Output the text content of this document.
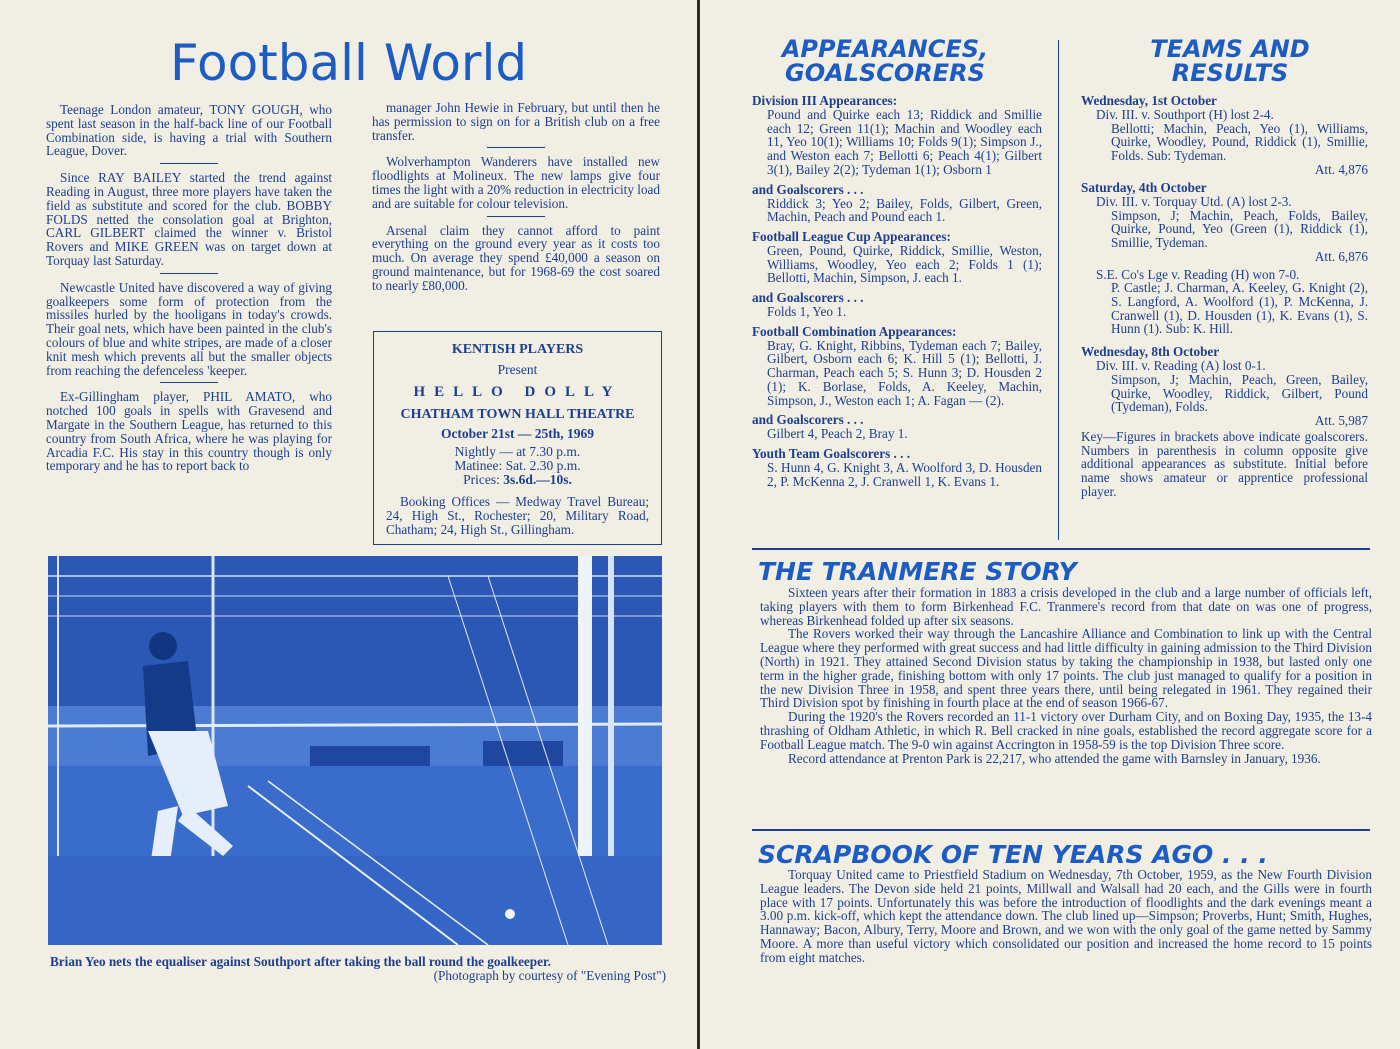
Football World

Teenage London amateur, TONY GOUGH, who spent last season in the half-back line of our Football Combination side, is having a trial with Southern League, Dover.

Since RAY BAILEY started the trend against Reading in August, three more players have taken the field as substitute and scored for the club. BOBBY FOLDS netted the consolation goal at Brighton, CARL GILBERT claimed the winner v. Bristol Rovers and MIKE GREEN was on target down at Torquay last Saturday.

Newcastle United have discovered a way of giving goalkeepers some form of protection from the missiles hurled by the hooligans in today's crowds. Their goal nets, which have been painted in the club's colours of blue and white stripes, are made of a closer knit mesh which prevents all but the smaller objects from reaching the defenceless 'keeper.

Ex-Gillingham player, PHIL AMATO, who notched 100 goals in spells with Gravesend and Margate in the Southern League, has returned to this country from South Africa, where he was playing for Arcadia F.C. His stay in this country though is only temporary and he has to report back to

manager John Hewie in February, but until then he has permission to sign on for a British club on a free transfer.

Wolverhampton Wanderers have installed new floodlights at Molineux. The new lamps give four times the light with a 20% reduction in electricity load and are suitable for colour television.

Arsenal claim they cannot afford to paint everything on the ground every year as it costs too much. On average they spend £40,000 a season on ground maintenance, but for 1968-69 the cost soared to nearly £80,000.

KENTISH PLAYERS
Present
HELLO DOLLY
CHATHAM TOWN HALL THEATRE
October 21st — 25th, 1969
Nightly — at 7.30 p.m.
Matinee: Sat. 2.30 p.m.
Prices: 3s.6d.—10s.

Booking Offices — Medway Travel Bureau; 24, High St., Rochester; 20, Military Road, Chatham; 24, High St., Gillingham.

Brian Yeo nets the equaliser against Southport after taking the ball round the goalkeeper.
(Photograph by courtesy of "Evening Post")
APPEARANCES,
GOALSCORERS

Division III Appearances:

Pound and Quirke each 13; Riddick and Smillie each 12; Green 11(1); Machin and Woodley each 11, Yeo 10(1); Williams 10; Folds 9(1); Simpson J., and Weston each 7; Bellotti 6; Peach 4(1); Gilbert 3(1), Bailey 2(2); Tydeman 1(1); Osborn 1

and Goalscorers . . .

Riddick 3; Yeo 2; Bailey, Folds, Gilbert, Green, Machin, Peach and Pound each 1.

Football League Cup Appearances:

Green, Pound, Quirke, Riddick, Smillie, Weston, Williams, Woodley, Yeo each 2; Folds 1 (1); Bellotti, Machin, Simpson, J. each 1.

and Goalscorers . . .

Folds 1, Yeo 1.

Football Combination Appearances:

Bray, G. Knight, Ribbins, Tydeman each 7; Bailey, Gilbert, Osborn each 6; K. Hill 5 (1); Bellotti, J. Charman, Peach each 5; S. Hunn 3; D. Housden 2 (1); K. Borlase, Folds, A. Keeley, Machin, Simpson, J., Weston each 1; A. Fagan — (2).

and Goalscorers . . .

Gilbert 4, Peach 2, Bray 1.

Youth Team Goalscorers . . .

S. Hunn 4, G. Knight 3, A. Woolford 3, D. Housden 2, P. McKenna 2, J. Cranwell 1, K. Evans 1.

TEAMS AND
RESULTS

Wednesday, 1st October

Div. III. v. Southport (H) lost 2-4.

Bellotti; Machin, Peach, Yeo (1), Williams, Quirke, Woodley, Pound, Riddick (1), Smillie, Folds. Sub: Tydeman.

Att. 4,876

Saturday, 4th October

Div. III. v. Torquay Utd. (A) lost 2-3.

Simpson, J; Machin, Peach, Folds, Bailey, Quirke, Pound, Yeo (Green (1), Riddick (1), Smillie, Tydeman.

Att. 6,876

S.E. Co's Lge v. Reading (H) won 7-0.

P. Castle; J. Charman, A. Keeley, G. Knight (2), S. Langford, A. Woolford (1), P. McKenna, J. Cranwell (1), D. Housden (1), K. Evans (1), S. Hunn (1). Sub: K. Hill.

Wednesday, 8th October

Div. III. v. Reading (A) lost 0-1.

Simpson, J; Machin, Peach, Green, Bailey, Quirke, Woodley, Riddick, Gilbert, Pound (Tydeman), Folds.

Att. 5,987

Key—Figures in brackets above indicate goalscorers. Numbers in parenthesis in column opposite give additional appearances as substitute. Initial before name shows amateur or apprentice professional player.

THE TRANMERE STORY

Sixteen years after their formation in 1883 a crisis developed in the club and a large number of officials left, taking players with them to form Birkenhead F.C. Tranmere's record from that date on was one of progress, whereas Birkenhead folded up after six seasons.

The Rovers worked their way through the Lancashire Alliance and Combination to link up with the Central League where they performed with great success and had little difficulty in gaining admission to the Third Division (North) in 1921. They attained Second Division status by taking the championship in 1938, but lasted only one term in the higher grade, finishing bottom with only 17 points. The club just managed to qualify for a position in the new Division Three in 1958, and spent three years there, until being relegated in 1961. They regained their Third Division spot by finishing in fourth place at the end of season 1966-67.

During the 1920's the Rovers recorded an 11-1 victory over Durham City, and on Boxing Day, 1935, the 13-4 thrashing of Oldham Athletic, in which R. Bell cracked in nine goals, established the record aggregate score for a Football League match. The 9-0 win against Accrington in 1958-59 is the top Division Three score.

Record attendance at Prenton Park is 22,217, who attended the game with Barnsley in January, 1936.

SCRAPBOOK OF TEN YEARS AGO . . .

Torquay United came to Priestfield Stadium on Wednesday, 7th October, 1959, as the New Fourth Division League leaders. The Devon side held 21 points, Millwall and Walsall had 20 each, and the Gills were in fourth place with 17 points. Unfortunately this was before the introduction of floodlights and the dark evenings meant a 3.00 p.m. kick-off, which kept the attendance down. The club lined up—Simpson; Proverbs, Hunt; Smith, Hughes, Hannaway; Bacon, Albury, Terry, Moore and Brown, and we won with the only goal of the game netted by Sammy Moore. A more than useful victory which consolidated our position and increased the home record to 15 points from eight matches.
